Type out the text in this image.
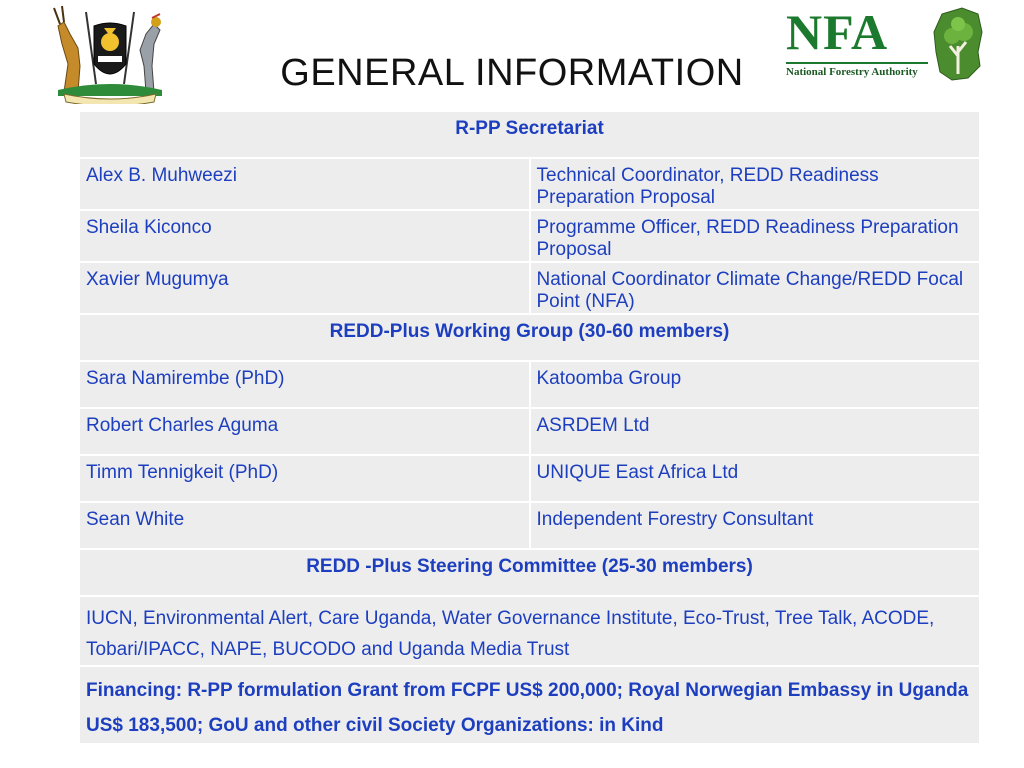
NFA
National Forestry Authority
GENERAL INFORMATION
R-PP Secretariat	
Alex B. Muhweezi	Technical Coordinator, REDD Readiness Preparation Proposal
Sheila Kiconco	Programme Officer, REDD Readiness Preparation Proposal
Xavier Mugumya	National Coordinator Climate Change/REDD Focal Point (NFA)
REDD-Plus Working Group (30-60 members)	
Sara Namirembe (PhD)	Katoomba Group
Robert Charles Aguma	ASRDEM Ltd
Timm Tennigkeit (PhD)	UNIQUE East Africa Ltd
Sean White	Independent Forestry Consultant
REDD -Plus Steering Committee (25-30 members)	
IUCN, Environmental Alert, Care Uganda, Water Governance Institute, Eco-Trust, Tree Talk, ACODE, Tobari/IPACC, NAPE, BUCODO and Uganda Media Trust	
Financing: R-PP formulation Grant from FCPF US$ 200,000; Royal Norwegian Embassy in Uganda US$ 183,500; GoU and other civil Society Organizations: in Kind	
